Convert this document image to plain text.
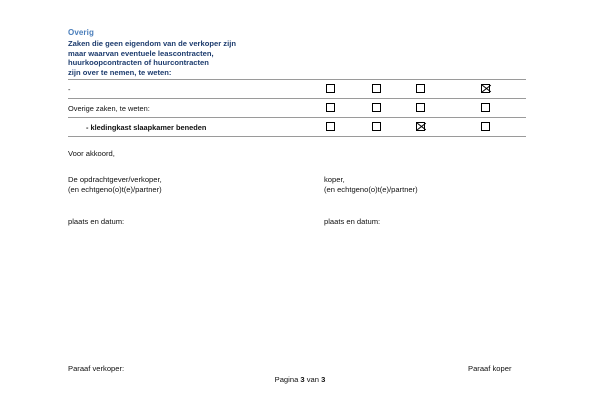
Overig
Zaken die geen eigendom van de verkoper zijn
maar waarvan eventuele leascontracten,
huurkoopcontracten of huurcontracten
zijn over te nemen, te weten:
-				
Overige zaken, te weten:				
- kledingkast slaapkamer beneden				
Voor akkoord,
De opdrachtgever/verkoper,
(en echtgeno(o)t(e)/partner)
koper,
(en echtgeno(o)t(e)/partner)
plaats en datum:	plaats en datum:
Paraaf verkoper:	Paraaf koper
Pagina 3 van 3
